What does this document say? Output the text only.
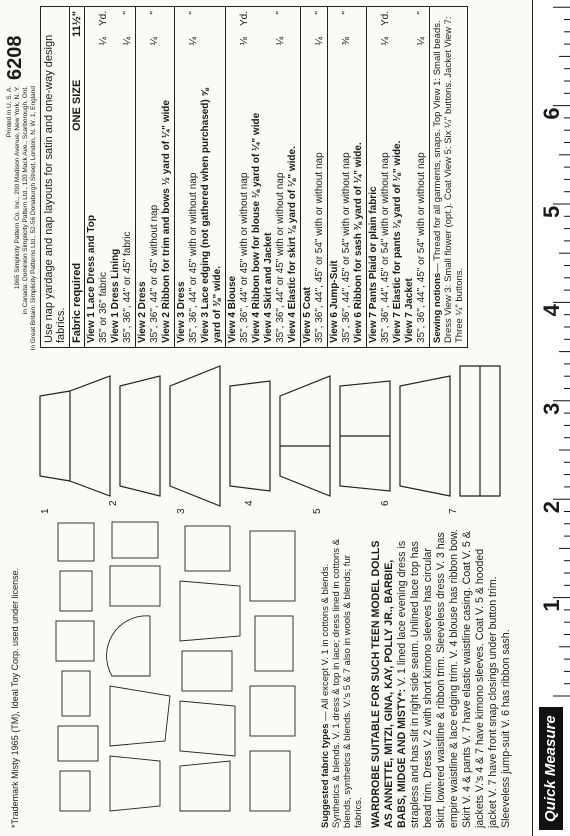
6208
Printed in U. S. A. 1965 Simplicity Pattern Co. Inc., 200 Madison Avenue, New York, N. Y. in Canada: Dominion Simplicity Pattern Ltd., 120 Mack Ave., Scarborough, Ont. In Great Britain: Simplicity Patterns Ltd., 52-56 Donaburgh Street, London, N. W. 1, England Use nap yardage and nap layouts for satin and one-way design fabrics. Fabric required
ONE SIZE
11½"
View 1 Lace Dress and Top 35" or 36" fabric
¼
Yd.
View 1 Dress Lining 35", 36", 44" or 45" fabric
¼
"
View 2 Dress 35", 36", 44" or 45" without nap
¼
"
View 2 Ribbon for trim and bows ½ yard of ¼" wide View 3 Dress 35", 36", 44" or 45" with or without nap
¼
"
View 3 Lace edging (not gathered when purchased) ⅝ yard of ⅜" wide. View 4 Blouse 35", 36", 44" or 45" with or without nap
⅛
Yd.
View 4 Ribbon bow for blouse ⅛ yard of ¼" wide View 4 Skirt and Jacket 35", 36", 44" or 45" with or without nap
¼
"
View 4 Elastic for skirt ⅛ yard of ⅛" wide. View 5 Coat 35", 36", 44", 45" or 54" with or without nap
¼
"
View 6 Jump-Suit 35", 36", 44", 45" or 54" with or without nap
⅜
"
View 6 Ribbon for sash ⅜ yard of ¼" wide. View 7 Pants Plaid or plain fabric 35", 36", 44", 45" or 54" with or without nap
¼
Yd.
View 7 Elastic for pants ⅛ yard of ⅛" wide. View 7 Jacket 35", 36", 44", 45" or 54" with or without nap
¼
"
Sewing notions— Thread for all garments, snaps. Top View 1: Small beads. Dress View 3: Small flower (opt.). Coat View 5: Six ¼" buttons. Jacket View 7: Three ¼" buttons.
1
2
3
4
5
6
7
Suggested fabric types — All except V. 1 in cottons & blends. Synthetics & blends. V. 1 dress & top in lace; dress lined in cottons & blends, synthetics & blends. V.'s 5 & 7 also in wools & blends; fur fabrics. WARDROBE SUITABLE FOR SUCH TEEN MODEL DOLLS AS ANNETTE, MITZI, GINA, KAY, POLLY JR., BARBIE, BABS, MIDGE AND MISTY*: V. 1 lined lace evening dress is strapless and has slit in right side seam. Unlined lace top has bead trim. Dress V. 2 with short kimono sleeves has circular skirt, lowered waistline & ribbon trim. Sleeveless dress V. 3 has empire waistline & lace edging trim. V. 4 blouse has ribbon bow. Skirt V. 4 & pants V. 7 have elastic waistline casing. Coat V. 5 & jackets V.'s 4 & 7 have kimono sleeves. Coat V. 5 & hooded jacket V. 7 have front snap closings under button trim. Sleeveless jump-suit V. 6 has ribbon sash.
*Trademark Misty 1965 (TM), Ideal Toy Corp. used under license.	Quick Measure
1
2
3
4
5
6
